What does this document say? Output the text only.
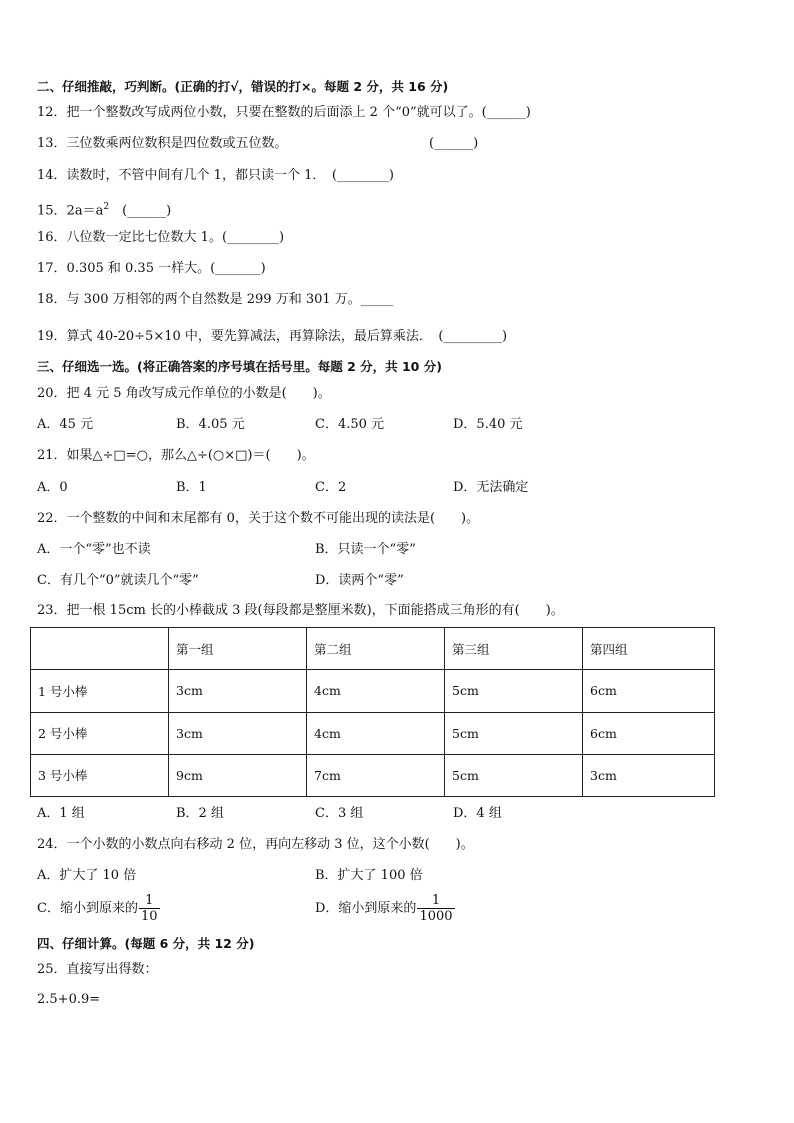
二、仔细推敲，巧判断。(正确的打√，错误的打×。每题 2 分，共 16 分)
12．把一个整数改写成两位小数，只要在整数的后面添上 2 个“0”就可以了。(______)
13．三位数乘两位数积是四位数或五位数。	(______)
14．读数时，不管中间有几个 1，都只读一个 1．　(________)
15．$2a=a^2$　(______)
16．八位数一定比七位数大 1。(________)
17．0.305 和 0.35 一样大。(_______)
18．与 300 万相邻的两个自然数是 299 万和 301 万。_____
19．算式 40-20÷5×10 中，要先算减法，再算除法，最后算乘法．　(_________)
三、仔细选一选。(将正确答案的序号填在括号里。每题 2 分，共 10 分)
20．把 4 元 5 角改写成元作单位的小数是(　　)。
A．45 元	B．4.05 元	C．4.50 元	D．5.40 元
21．如果△÷□=○，那么△÷(○×□)＝(　　)。
A．0	B．1	C．2	D．无法确定
22．一个整数的中间和末尾都有 0，关于这个数不可能出现的读法是(　　)。
A．一个“零”也不读	B．只读一个“零”
C．有几个“0”就读几个“零”	D．读两个“零”
23．把一根 15cm 长的小棒截成 3 段(每段都是整厘米数)，下面能搭成三角形的有(　　)。
	第一组	第二组	第三组	第四组
1 号小棒	3cm	4cm	5cm	6cm
2 号小棒	3cm	4cm	5cm	6cm
3 号小棒	9cm	7cm	5cm	3cm
A．1 组	B．2 组	C．3 组	D．4 组
24．一个小数的小数点向右移动 2 位，再向左移动 3 位，这个小数(　　)。
A．扩大了 10 倍	B．扩大了 100 倍
C．缩小到原来的 $\frac{1}{10}$	D．缩小到原来的 $\frac{1}{1000}$
四、仔细计算。(每题 6 分，共 12 分)
25．直接写出得数：
2.5+0.9=
